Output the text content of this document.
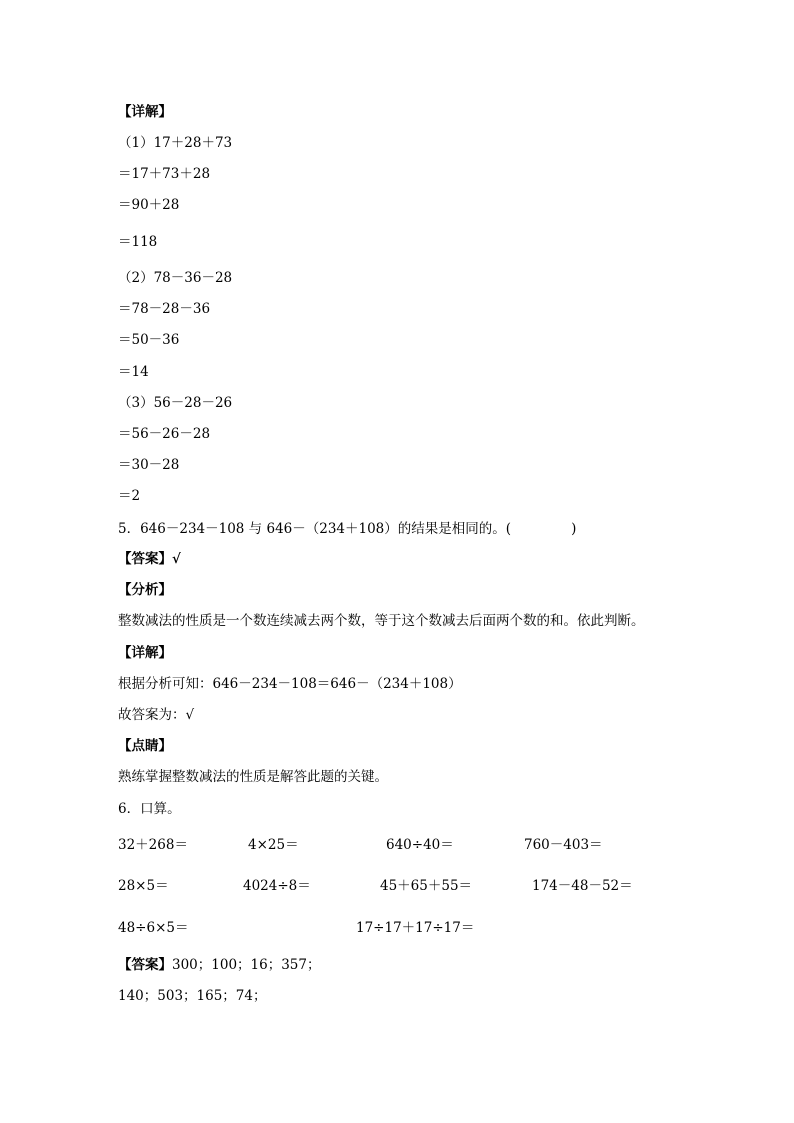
【详解】
（1）17＋28＋73
＝17＋73＋28
＝90＋28
＝118
（2）78－36－28
＝78－28－36
＝50－36
＝14
（3）56－28－26
＝56－26－28
＝30－28
＝2
5．646－234－108 与 646－（234＋108）的结果是相同的。(              )
【答案】√
【分析】
整数减法的性质是一个数连续减去两个数，等于这个数减去后面两个数的和。依此判断。
【详解】
根据分析可知：646－234－108＝646－（234＋108）
故答案为：√
【点睛】
熟练掌握整数减法的性质是解答此题的关键。
6．口算。
32＋268＝	4×25＝	640÷40＝	760－403＝
28×5＝	4024÷8＝	45＋65＋55＝	174－48－52＝
48÷6×5＝	17÷17＋17÷17＝
【答案】300；100；16；357；
140；503；165；74；
